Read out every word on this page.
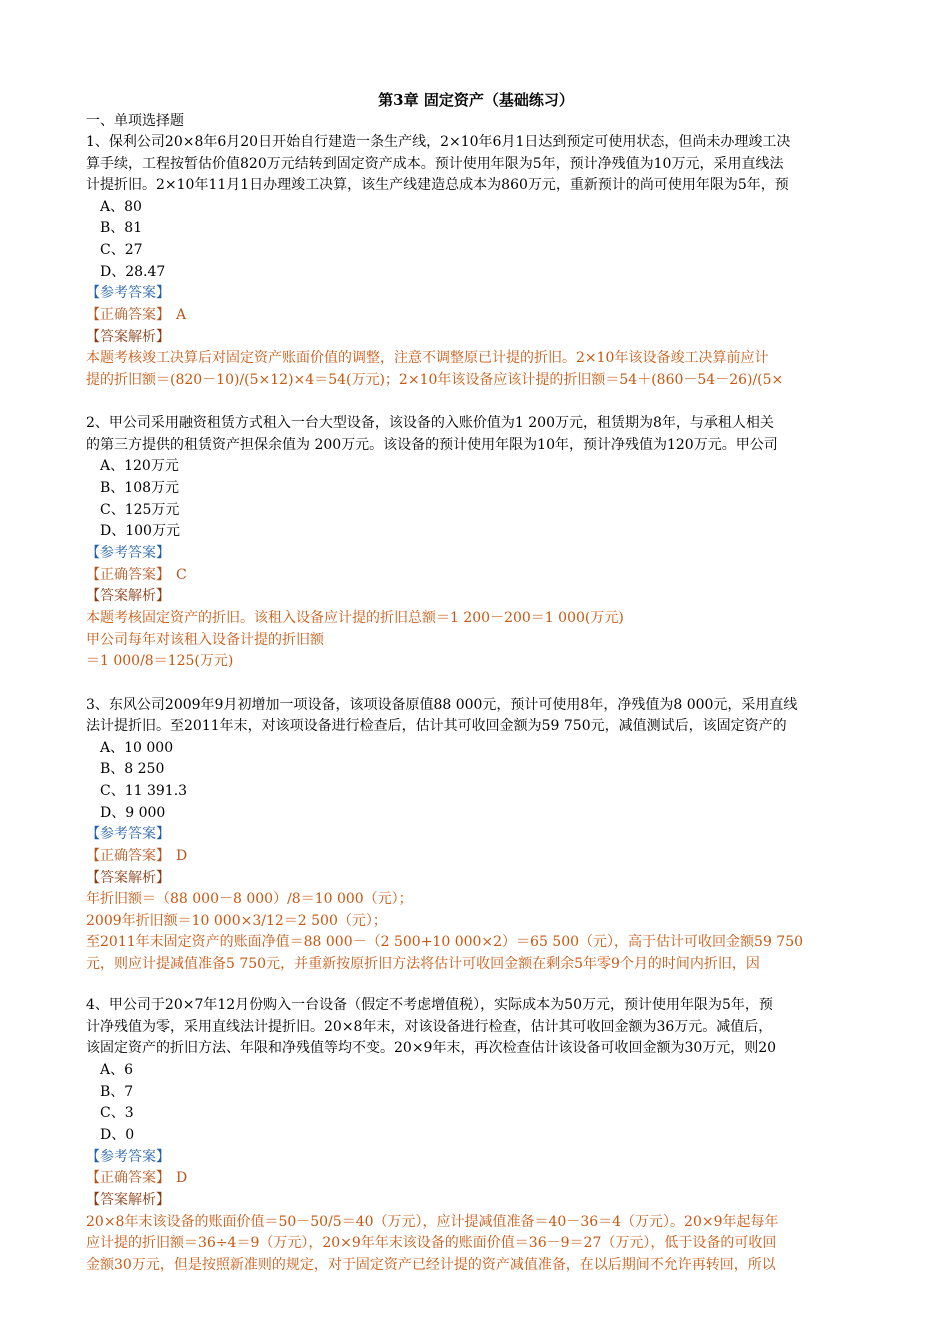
第3章 固定资产（基础练习）

一、单项选择题

1、保利公司20×8年6月20日开始自行建造一条生产线，2×10年6月1日达到预定可使用状态，但尚未办理竣工决

算手续，工程按暂估价值820万元结转到固定资产成本。预计使用年限为5年，预计净残值为10万元，采用直线法

计提折旧。2×10年11月1日办理竣工决算，该生产线建造总成本为860万元，重新预计的尚可使用年限为5年，预

A、80

B、81

C、27

D、28.47

【参考答案】

【正确答案】 A

【答案解析】

本题考核竣工决算后对固定资产账面价值的调整，注意不调整原已计提的折旧。2×10年该设备竣工决算前应计

提的折旧额＝(820－10)/(5×12)×4＝54(万元)；2×10年该设备应该计提的折旧额＝54＋(860－54－26)/(5×

2、甲公司采用融资租赁方式租入一台大型设备，该设备的入账价值为1 200万元，租赁期为8年，与承租人相关

的第三方提供的租赁资产担保余值为 200万元。该设备的预计使用年限为10年，预计净残值为120万元。甲公司

A、120万元

B、108万元

C、125万元

D、100万元

【参考答案】

【正确答案】 C

【答案解析】

本题考核固定资产的折旧。该租入设备应计提的折旧总额＝1 200－200＝1 000(万元)

甲公司每年对该租入设备计提的折旧额

＝1 000/8＝125(万元)

3、东风公司2009年9月初增加一项设备，该项设备原值88 000元，预计可使用8年，净残值为8 000元，采用直线

法计提折旧。至2011年末，对该项设备进行检查后，估计其可收回金额为59 750元，减值测试后，该固定资产的

A、10 000

B、8 250

C、11 391.3

D、9 000

【参考答案】

【正确答案】 D

【答案解析】

年折旧额＝（88 000－8 000）/8＝10 000（元）；

2009年折旧额＝10 000×3/12＝2 500（元）；

至2011年末固定资产的账面净值＝88 000－（2 500+10 000×2）＝65 500（元），高于估计可收回金额59 750

元，则应计提减值准备5 750元，并重新按原折旧方法将估计可收回金额在剩余5年零9个月的时间内折旧，因

4、甲公司于20×7年12月份购入一台设备（假定不考虑增值税），实际成本为50万元，预计使用年限为5年，预

计净残值为零，采用直线法计提折旧。20×8年末，对该设备进行检查，估计其可收回金额为36万元。减值后，

该固定资产的折旧方法、年限和净残值等均不变。20×9年末，再次检查估计该设备可收回金额为30万元，则20

A、6

B、7

C、3

D、0

【参考答案】

【正确答案】 D

【答案解析】

20×8年末该设备的账面价值＝50－50/5＝40（万元），应计提减值准备＝40－36＝4（万元）。20×9年起每年

应计提的折旧额＝36÷4＝9（万元），20×9年年末该设备的账面价值＝36－9＝27（万元），低于设备的可收回

金额30万元，但是按照新准则的规定，对于固定资产已经计提的资产减值准备，在以后期间不允许再转回，所以
